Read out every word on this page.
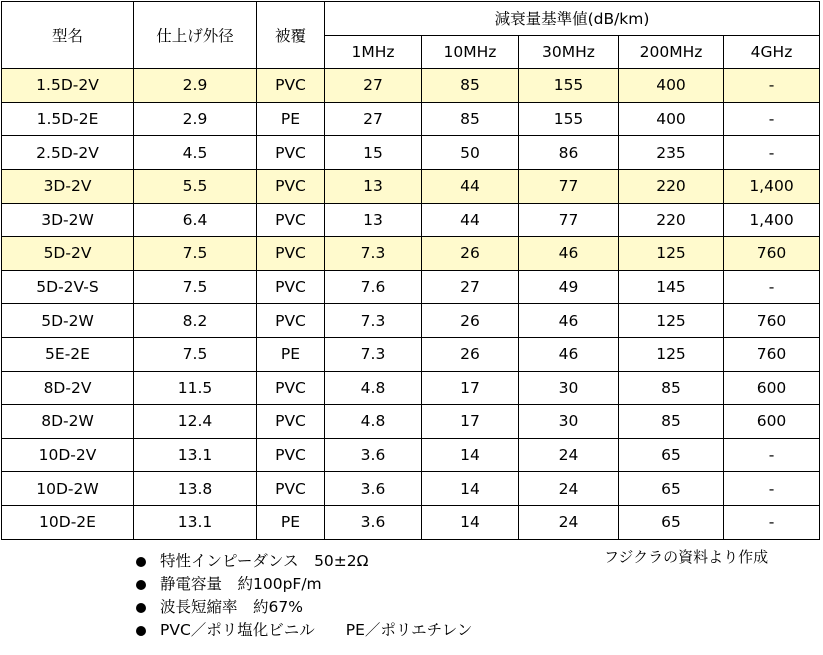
型名	仕上げ外径	被覆	減衰量基準値(dB/km)				
			1MHz	10MHz	30MHz	200MHz	4GHz
1.5D-2V	2.9	PVC	27	85	155	400	-
1.5D-2E	2.9	PE	27	85	155	400	-
2.5D-2V	4.5	PVC	15	50	86	235	-
3D-2V	5.5	PVC	13	44	77	220	1,400
3D-2W	6.4	PVC	13	44	77	220	1,400
5D-2V	7.5	PVC	7.3	26	46	125	760
5D-2V-S	7.5	PVC	7.6	27	49	145	-
5D-2W	8.2	PVC	7.3	26	46	125	760
5E-2E	7.5	PE	7.3	26	46	125	760
8D-2V	11.5	PVC	4.8	17	30	85	600
8D-2W	12.4	PVC	4.8	17	30	85	600
10D-2V	13.1	PVC	3.6	14	24	65	-
10D-2W	13.8	PVC	3.6	14	24	65	-
10D-2E	13.1	PE	3.6	14	24	65	-
特性インピーダンス　50±2Ω
静電容量　約100pF/m
波長短縮率　約67%
PVC／ポリ塩化ビニル　　PE／ポリエチレン
フジクラの資料より作成
